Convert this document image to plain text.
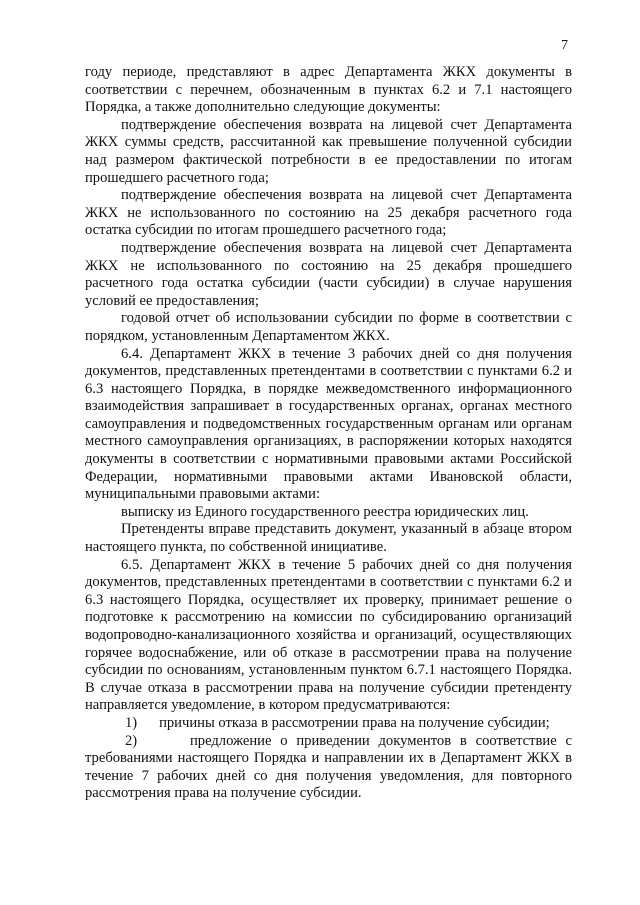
7

году периоде, представляют в адрес Департамента ЖКХ документы в соответствии с перечнем, обозначенным в пунктах 6.2 и 7.1 настоящего Порядка, а также дополнительно следующие документы:

подтверждение обеспечения возврата на лицевой счет Департамента ЖКХ суммы средств, рассчитанной как превышение полученной субсидии над размером фактической потребности в ее предоставлении по итогам прошедшего расчетного года;

подтверждение обеспечения возврата на лицевой счет Департамента ЖКХ не использованного по состоянию на 25 декабря расчетного года остатка субсидии по итогам прошедшего расчетного года;

подтверждение обеспечения возврата на лицевой счет Департамента ЖКХ не использованного по состоянию на 25 декабря прошедшего расчетного года остатка субсидии (части субсидии) в случае нарушения условий ее предоставления;

годовой отчет об использовании субсидии по форме в соответствии с порядком, установленным Департаментом ЖКХ.

6.4. Департамент ЖКХ в течение 3 рабочих дней со дня получения документов, представленных претендентами в соответствии с пунктами 6.2 и 6.3 настоящего Порядка, в порядке межведомственного информационного взаимодействия запрашивает в государственных органах, органах местного самоуправления и подведомственных государственным органам или органам местного самоуправления организациях, в распоряжении которых находятся документы в соответствии с нормативными правовыми актами Российской Федерации, нормативными правовыми актами Ивановской области, муниципальными правовыми актами:

выписку из Единого государственного реестра юридических лиц.

Претенденты вправе представить документ, указанный в абзаце втором настоящего пункта, по собственной инициативе.

6.5. Департамент ЖКХ в течение 5 рабочих дней со дня получения документов, представленных претендентами в соответствии с пунктами 6.2 и 6.3 настоящего Порядка, осуществляет их проверку, принимает решение о подготовке к рассмотрению на комиссии по субсидированию организаций водопроводно-канализационного хозяйства и организаций, осуществляющих горячее водоснабжение, или об отказе в рассмотрении права на получение субсидии по основаниям, установленным пунктом 6.7.1 настоящего Порядка. В случае отказа в рассмотрении права на получение субсидии претенденту направляется уведомление, в котором предусматриваются:

1) причины отказа в рассмотрении права на получение субсидии;

2)	предложение о приведении документов в соответствие с требованиями настоящего Порядка и направлении их в Департамент ЖКХ в течение 7 рабочих дней со дня получения уведомления, для повторного рассмотрения права на получение субсидии.
